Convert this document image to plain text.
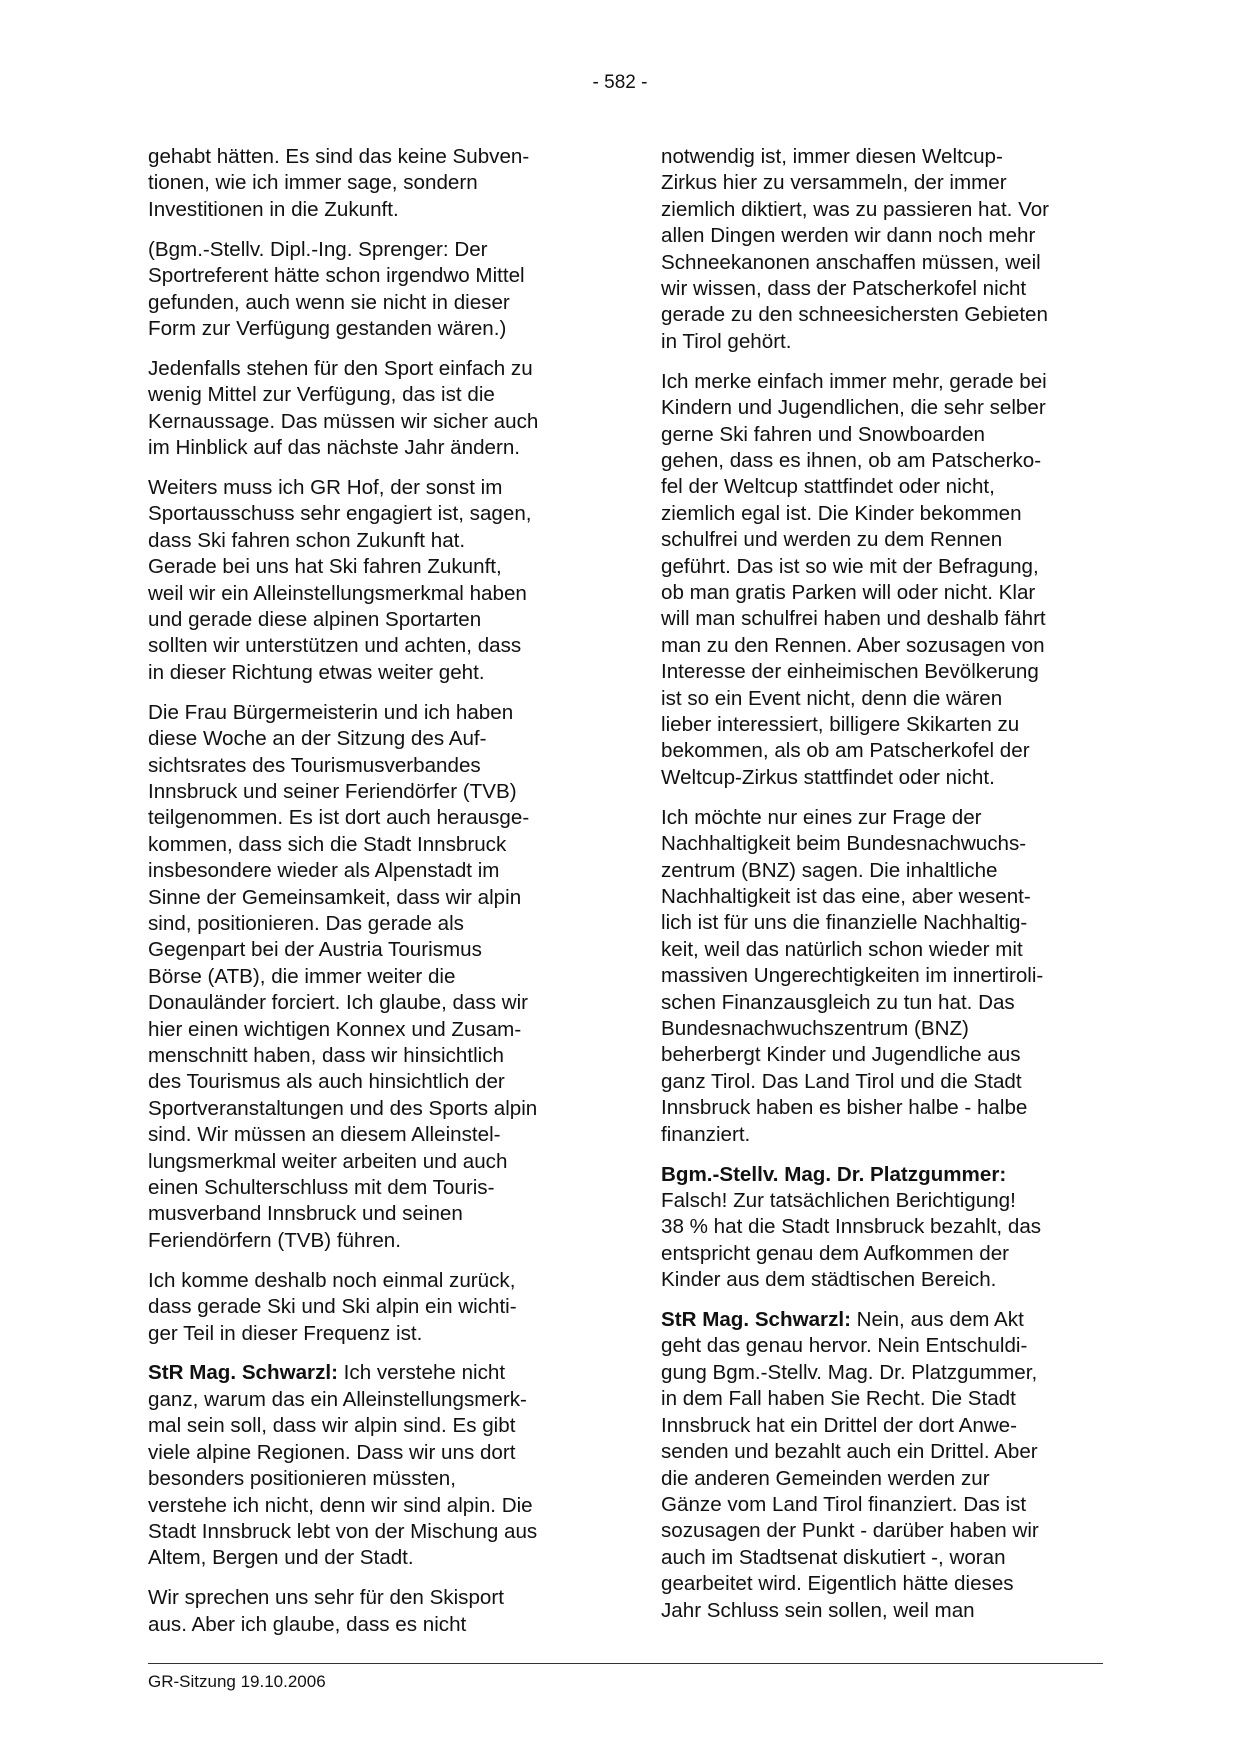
- 582 -

gehabt hätten. Es sind das keine Subven-
tionen, wie ich immer sage, sondern
Investitionen in die Zukunft.

(Bgm.-Stellv. Dipl.-Ing. Sprenger: Der
Sportreferent hätte schon irgendwo Mittel
gefunden, auch wenn sie nicht in dieser
Form zur Verfügung gestanden wären.)

Jedenfalls stehen für den Sport einfach zu
wenig Mittel zur Verfügung, das ist die
Kernaussage. Das müssen wir sicher auch
im Hinblick auf das nächste Jahr ändern.

Weiters muss ich GR Hof, der sonst im
Sportausschuss sehr engagiert ist, sagen,
dass Ski fahren schon Zukunft hat.
Gerade bei uns hat Ski fahren Zukunft,
weil wir ein Alleinstellungsmerkmal haben
und gerade diese alpinen Sportarten
sollten wir unterstützen und achten, dass
in dieser Richtung etwas weiter geht.

Die Frau Bürgermeisterin und ich haben
diese Woche an der Sitzung des Auf-
sichtsrates des Tourismusverbandes
Innsbruck und seiner Feriendörfer (TVB)
teilgenommen. Es ist dort auch herausge-
kommen, dass sich die Stadt Innsbruck
insbesondere wieder als Alpenstadt im
Sinne der Gemeinsamkeit, dass wir alpin
sind, positionieren. Das gerade als
Gegenpart bei der Austria Tourismus
Börse (ATB), die immer weiter die
Donauländer forciert. Ich glaube, dass wir
hier einen wichtigen Konnex und Zusam-
menschnitt haben, dass wir hinsichtlich
des Tourismus als auch hinsichtlich der
Sportveranstaltungen und des Sports alpin
sind. Wir müssen an diesem Alleinstel-
lungsmerkmal weiter arbeiten und auch
einen Schulterschluss mit dem Touris-
musverband Innsbruck und seinen
Feriendörfern (TVB) führen.

Ich komme deshalb noch einmal zurück,
dass gerade Ski und Ski alpin ein wichti-
ger Teil in dieser Frequenz ist.

StR Mag. Schwarzl: Ich verstehe nicht
ganz, warum das ein Alleinstellungsmerk-
mal sein soll, dass wir alpin sind. Es gibt
viele alpine Regionen. Dass wir uns dort
besonders positionieren müssten,
verstehe ich nicht, denn wir sind alpin. Die
Stadt Innsbruck lebt von der Mischung aus
Altem, Bergen und der Stadt.

Wir sprechen uns sehr für den Skisport
aus. Aber ich glaube, dass es nicht

notwendig ist, immer diesen Weltcup-
Zirkus hier zu versammeln, der immer
ziemlich diktiert, was zu passieren hat. Vor
allen Dingen werden wir dann noch mehr
Schneekanonen anschaffen müssen, weil
wir wissen, dass der Patscherkofel nicht
gerade zu den schneesichersten Gebieten
in Tirol gehört.

Ich merke einfach immer mehr, gerade bei
Kindern und Jugendlichen, die sehr selber
gerne Ski fahren und Snowboarden
gehen, dass es ihnen, ob am Patscherko-
fel der Weltcup stattfindet oder nicht,
ziemlich egal ist. Die Kinder bekommen
schulfrei und werden zu dem Rennen
geführt. Das ist so wie mit der Befragung,
ob man gratis Parken will oder nicht. Klar
will man schulfrei haben und deshalb fährt
man zu den Rennen. Aber sozusagen von
Interesse der einheimischen Bevölkerung
ist so ein Event nicht, denn die wären
lieber interessiert, billigere Skikarten zu
bekommen, als ob am Patscherkofel der
Weltcup-Zirkus stattfindet oder nicht.

Ich möchte nur eines zur Frage der
Nachhaltigkeit beim Bundesnachwuchs-
zentrum (BNZ) sagen. Die inhaltliche
Nachhaltigkeit ist das eine, aber wesent-
lich ist für uns die finanzielle Nachhaltig-
keit, weil das natürlich schon wieder mit
massiven Ungerechtigkeiten im innertiroli-
schen Finanzausgleich zu tun hat. Das
Bundesnachwuchszentrum (BNZ)
beherbergt Kinder und Jugendliche aus
ganz Tirol. Das Land Tirol und die Stadt
Innsbruck haben es bisher halbe - halbe
finanziert.

Bgm.-Stellv. Mag. Dr. Platzgummer:
Falsch! Zur tatsächlichen Berichtigung!
38 % hat die Stadt Innsbruck bezahlt, das
entspricht genau dem Aufkommen der
Kinder aus dem städtischen Bereich.

StR Mag. Schwarzl: Nein, aus dem Akt
geht das genau hervor. Nein Entschuldi-
gung Bgm.-Stellv. Mag. Dr. Platzgummer,
in dem Fall haben Sie Recht. Die Stadt
Innsbruck hat ein Drittel der dort Anwe-
senden und bezahlt auch ein Drittel. Aber
die anderen Gemeinden werden zur
Gänze vom Land Tirol finanziert. Das ist
sozusagen der Punkt - darüber haben wir
auch im Stadtsenat diskutiert -, woran
gearbeitet wird. Eigentlich hätte dieses
Jahr Schluss sein sollen, weil man

GR-Sitzung 19.10.2006
